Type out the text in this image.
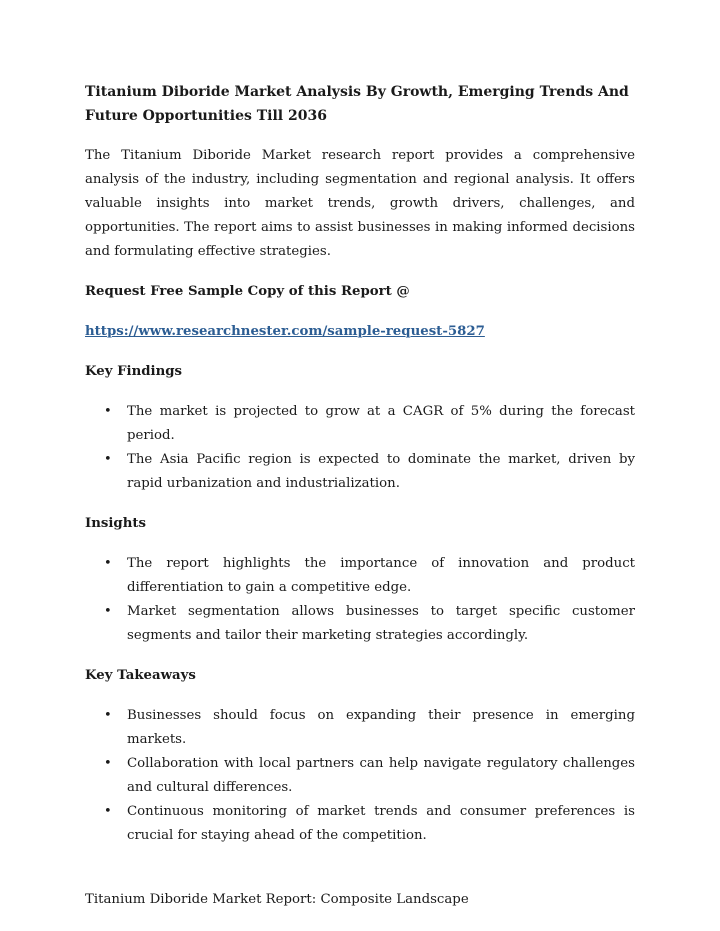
Titanium Diboride Market Analysis By Growth, Emerging Trends And Future Opportunities Till 2036
The Titanium Diboride Market research report provides a comprehensive analysis of the industry, including segmentation and regional analysis. It offers valuable insights into market trends, growth drivers, challenges, and opportunities. The report aims to assist businesses in making informed decisions and formulating effective strategies.
Request Free Sample Copy of this Report @
https://www.researchnester.com/sample-request-5827
Key Findings
• The market is projected to grow at a CAGR of 5% during the forecast period.
• The Asia Pacific region is expected to dominate the market, driven by rapid urbanization and industrialization.
Insights
• The report highlights the importance of innovation and product differentiation to gain a competitive edge.
• Market segmentation allows businesses to target specific customer segments and tailor their marketing strategies accordingly.
Key Takeaways
• Businesses should focus on expanding their presence in emerging markets.
• Collaboration with local partners can help navigate regulatory challenges and cultural differences.
• Continuous monitoring of market trends and consumer preferences is crucial for staying ahead of the competition.
Titanium Diboride Market Report: Composite Landscape
